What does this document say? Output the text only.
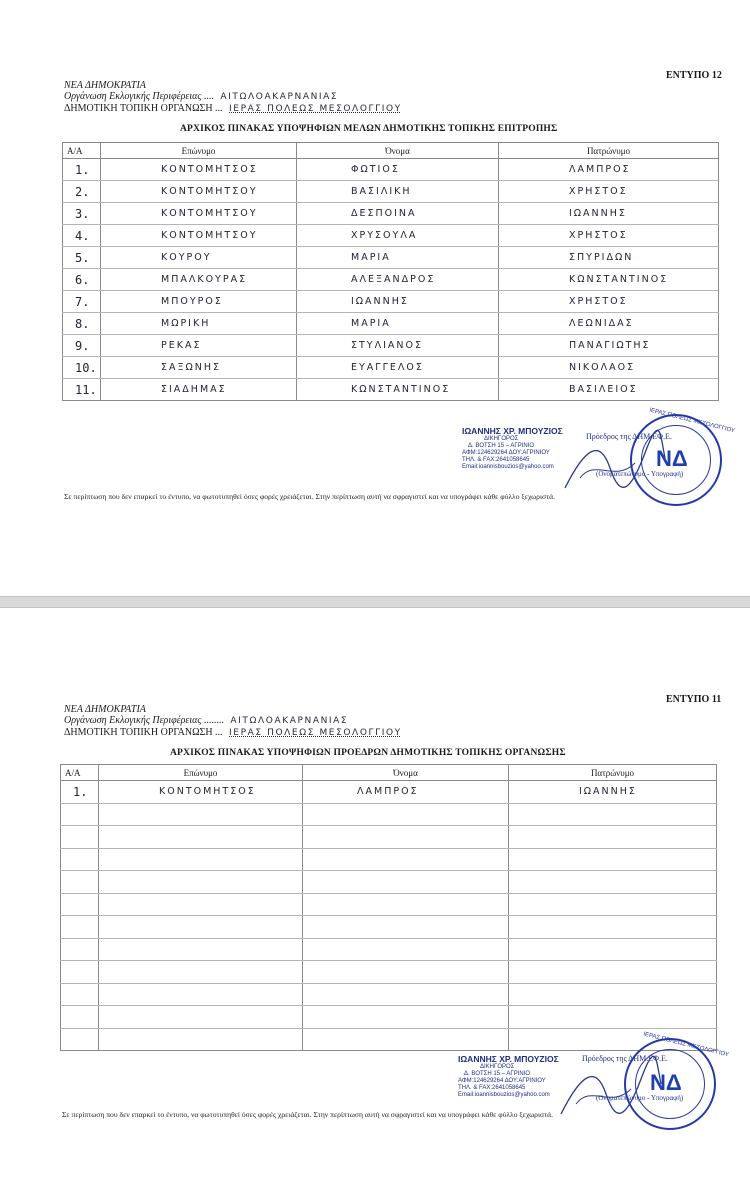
ΕΝΤΥΠΟ 12
ΝΕΑ ΔΗΜΟΚΡΑΤΙΑ
Οργάνωση Εκλογικής Περιφέρειας .... ΑΙΤΩΛΟΑΚΑΡΝΑΝΙΑΣ
ΔΗΜΟΤΙΚΗ ΤΟΠΙΚΗ ΟΡΓΑΝΩΣΗ ... ΙΕΡΑΣ ΠΟΛΕΩΣ ΜΕΣΟΛΟΓΓΙΟΥ
ΑΡΧΙΚΟΣ ΠΙΝΑΚΑΣ ΥΠΟΨΗΦΙΩΝ ΜΕΛΩΝ ΔΗΜΟΤΙΚΗΣ ΤΟΠΙΚΗΣ ΕΠΙΤΡΟΠΗΣ
Α/Α	Επώνυμο	Όνομα	Πατρώνυμο
1.	ΚΟΝΤΟΜΗΤΣΟΣ	ΦΩΤΙΟΣ	ΛΑΜΠΡΟΣ
2.	ΚΟΝΤΟΜΗΤΣΟΥ	ΒΑΣΙΛΙΚΗ	ΧΡΗΣΤΟΣ
3.	ΚΟΝΤΟΜΗΤΣΟΥ	ΔΕΣΠΟΙΝΑ	ΙΩΑΝΝΗΣ
4.	ΚΟΝΤΟΜΗΤΣΟΥ	ΧΡΥΣΟΥΛΑ	ΧΡΗΣΤΟΣ
5.	ΚΟΥΡΟΥ	ΜΑΡΙΑ	ΣΠΥΡΙΔΩΝ
6.	ΜΠΑΛΚΟΥΡΑΣ	ΑΛΕΞΑΝΔΡΟΣ	ΚΩΝΣΤΑΝΤΙΝΟΣ
7.	ΜΠΟΥΡΟΣ	ΙΩΑΝΝΗΣ	ΧΡΗΣΤΟΣ
8.	ΜΩΡΙΚΗ	ΜΑΡΙΑ	ΛΕΩΝΙΔΑΣ
9.	ΡΕΚΑΣ	ΣΤΥΛΙΑΝΟΣ	ΠΑΝΑΓΙΩΤΗΣ
10.	ΣΑΞΩΝΗΣ	ΕΥΑΓΓΕΛΟΣ	ΝΙΚΟΛΑΟΣ
11.	ΣΙΑΔΗΜΑΣ	ΚΩΝΣΤΑΝΤΙΝΟΣ	ΒΑΣΙΛΕΙΟΣ
ΙΩΑΝΝΗΣ ΧΡ. ΜΠΟΥΖΙΟΣ
ΔΙΚΗΓΟΡΟΣ
Δ. ΒΟΤΣΗ 15 – ΑΓΡΙΝΙΟ
ΑΦΜ:124629264 ΔΟΥ:ΑΓΡΙΝΙΟΥ
ΤΗΛ. & FAX:2641058645
Email:ioannisbouzios@yahoo.com
Πρόεδρος της ΔΗΜ.ΕΦ.Ε.
(Ονοματεπώνυμο - Υπογραφή)
ΙΕΡΑΣ ΠΟΛΕΩΣ ΜΕΣΟΛΟΓΓΙΟΥ
ΝΔ
Σε περίπτωση που δεν επαρκεί το έντυπο, να φωτοτυπηθεί όσες φορές χρειάζεται. Στην περίπτωση αυτή να σφραγιστεί και να υπογράφει κάθε φύλλο ξεχωριστά.
ΕΝΤΥΠΟ 11
ΝΕΑ ΔΗΜΟΚΡΑΤΙΑ
Οργάνωση Εκλογικής Περιφέρειας ........ ΑΙΤΩΛΟΑΚΑΡΝΑΝΙΑΣ
ΔΗΜΟΤΙΚΗ ΤΟΠΙΚΗ ΟΡΓΑΝΩΣΗ ... ΙΕΡΑΣ ΠΟΛΕΩΣ ΜΕΣΟΛΟΓΓΙΟΥ
ΑΡΧΙΚΟΣ ΠΙΝΑΚΑΣ ΥΠΟΨΗΦΙΩΝ ΠΡΟΕΔΡΩΝ ΔΗΜΟΤΙΚΗΣ ΤΟΠΙΚΗΣ ΟΡΓΑΝΩΣΗΣ
Α/Α	Επώνυμο	Όνομα	Πατρώνυμο
1.	ΚΟΝΤΟΜΗΤΣΟΣ	ΛΑΜΠΡΟΣ	ΙΩΑΝΝΗΣ

ΙΩΑΝΝΗΣ ΧΡ. ΜΠΟΥΖΙΟΣ
ΔΙΚΗΓΟΡΟΣ
Δ. ΒΟΤΣΗ 15 – ΑΓΡΙΝΙΟ
ΑΦΜ:124629264 ΔΟΥ:ΑΓΡΙΝΙΟΥ
ΤΗΛ. & FAX:2641058645
Email:ioannisbouzios@yahoo.com
Πρόεδρος της ΔΗΜ.ΕΦ.Ε.
(Ονοματεπώνυμο - Υπογραφή)
ΙΕΡΑΣ ΠΟΛΕΩΣ ΜΕΣΟΛΟΓΓΙΟΥ
ΝΔ
Σε περίπτωση που δεν επαρκεί το έντυπο, να φωτοτυπηθεί όσες φορές χρειάζεται. Στην περίπτωση αυτή να σφραγιστεί και να υπογράφει κάθε φύλλο ξεχωριστά.
